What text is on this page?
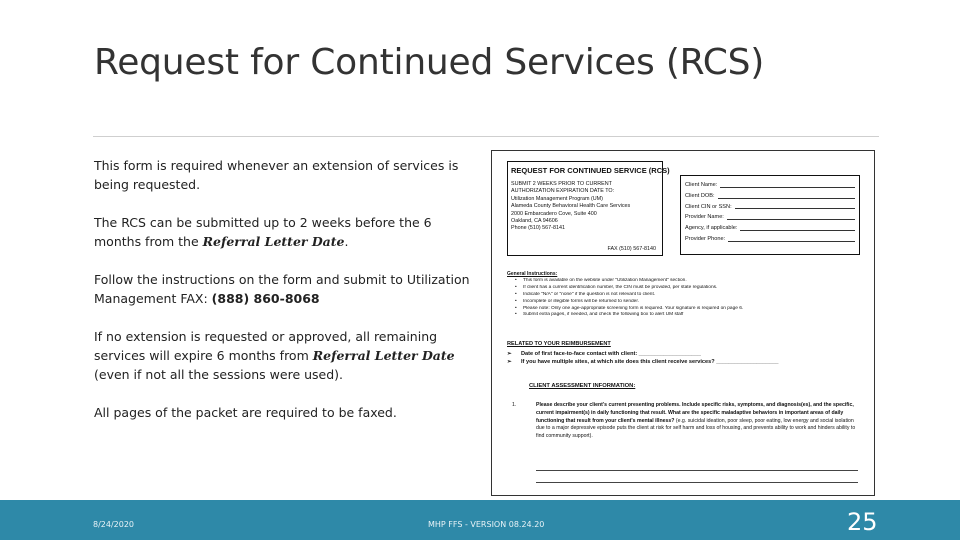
Request for Continued Services (RCS)

This form is required whenever an extension of services is being requested.

The RCS can be submitted up to 2 weeks before the 6 months from the Referral Letter Date.

Follow the instructions on the form and submit to Utilization Management FAX: (888) 860-8068

If no extension is requested or approved, all remaining services will expire 6 months from Referral Letter Date (even if not all the sessions were used).

All pages of the packet are required to be faxed.

REQUEST FOR CONTINUED SERVICE (RCS)
SUBMIT 2 WEEKS PRIOR TO CURRENT
AUTHORIZATION EXPIRATION DATE TO:
Utilization Management Program (UM)
Alameda County Behavioral Health Care Services
2000 Embarcadero Cove, Suite 400
Oakland, CA 94606
Phone (510) 567-8141
FAX (510) 567-8140
Client Name:
Client DOB:
Client CIN or SSN:
Provider Name:
Agency, if applicable:
Provider Phone:
General Instructions:
• This form is available on the website under "Utilization Management" section.
• If client has a current identification number, the CIN must be provided, per state regulations.
• Indicate "N/A" or "none" if the question is not relevant to client.
• Incomplete or illegible forms will be returned to sender.
• Please note: Only one age-appropriate screening form is required. Your signature is required on page 6.
• Submit extra pages, if needed, and check the following box to alert UM staff
RELATED TO YOUR REIMBURSEMENT
➢ Date of first face-to-face contact with client: ____________________
➢ If you have multiple sites, at which site does this client receive services? ____________________
CLIENT ASSESSMENT INFORMATION:
1.	Please describe your client's current presenting problems. Include specific risks, symptoms, and diagnosis(es), and the specific, current impairment(s) in daily functioning that result. What are the specific maladaptive behaviors in important areas of daily functioning that result from your client's mental illness? (e.g. suicidal ideation, poor sleep, poor eating, low energy and social isolation due to a major depressive episode puts the client at risk for self harm and loss of housing, and prevents ability to work and hinders ability to find community support).
8/24/2020	MHP FFS - VERSION 08.24.20	25
